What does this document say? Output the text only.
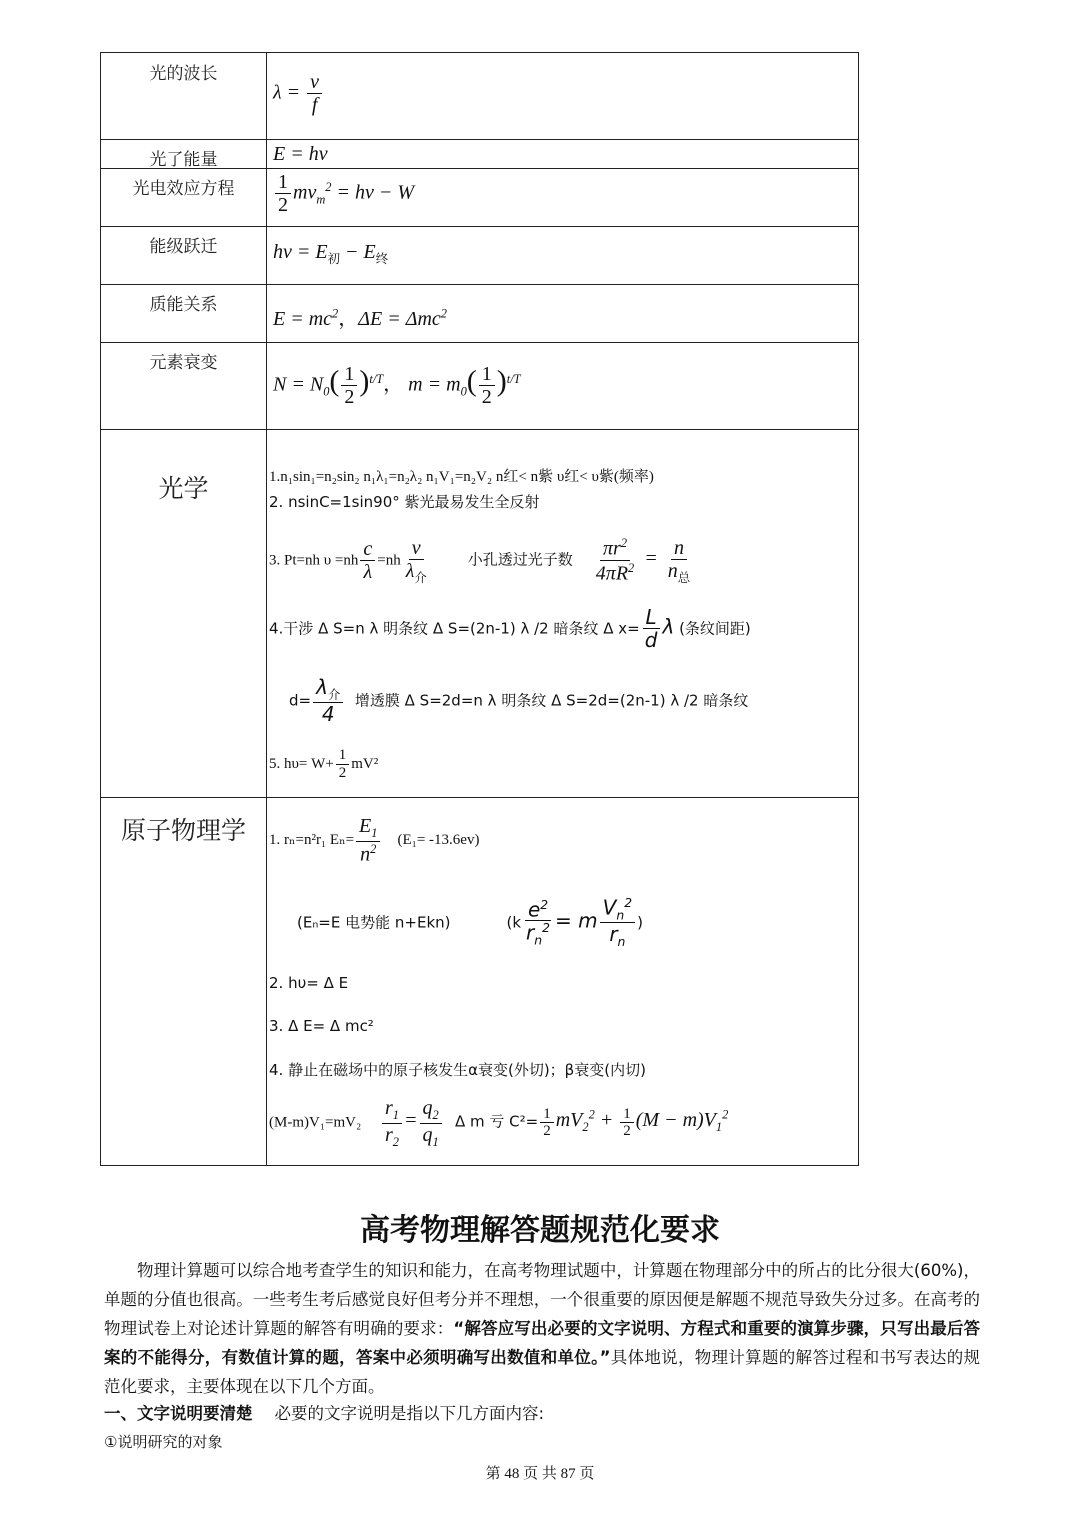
光的波长
光了能量
光电效应方程
能级跃迁
质能关系
元素衰变
光学
原子物理学
$\lambda = \frac{v}{f}$
E = hν
$\frac{1}{2} mv_m^2 = h\nu - W$
$h\nu = E_初 - E_终$
$E = mc^2$，ΔE = Δmc$^2$
$N = N_0( \frac{1}{2} )^{t/T}$， $m = m_0( \frac{1}{2} )^{t/T}$
1.n₁sin₁=n₂sin₂ n₁λ₁=n₂λ₂ n₁V₁=n₂V₂ n红< n紫 υ红< υ紫(频率)
2. nsinC=1sin90° 紫光最易发生全反射
3. Pt=nh $\upsilon =nh \frac{c}{\lambda} =nh \frac{v}{\lambda_介}$	小孔透过光子数 $\frac{\pi r^2}{4\pi R^2} = \frac{n}{n_总}$
4.干涉 Δ S=n λ 明条纹 Δ S=(2n-1) λ /2 暗条纹 Δ $x= \frac{L}{d}$ λ (条纹间距)
$d= \frac{\lambda_介}{4}$ 增透膜 Δ S=2d=n λ 明条纹 Δ S=2d=(2n-1) λ /2 暗条纹
5. $h\upsilon= W+ \frac{1}{2} mV^2$
1. rₙ=n²r₁ $E_n= \frac{E_1}{n^2} (E_1= -13.6ev)$
(Eₙ=E 电势能 n+Ekn)	($k \frac{e^2}{r_n^2} = m \frac{V_n^2}{r_n}$ )
2. hυ= Δ E
3. Δ E= Δ mc²
4. 静止在磁场中的原子核发生α衰变(外切)；β衰变(内切)
$(M-m)V_1=mV_2 \frac{r_1}{r_2} = \frac{q_2}{q_1}$ Δ m 亏 $C^2= \frac{1}{2} mV_2^2 + \frac{1}{2} (M - m)V_1^2$
高考物理解答题规范化要求
物理计算题可以综合地考查学生的知识和能力，在高考物理试题中，计算题在物理部分中的所占的比分很大(60%)，单题的分值也很高。一些考生考后感觉良好但考分并不理想，一个很重要的原因便是解题不规范导致失分过多。在高考的物理试卷上对论述计算题的解答有明确的要求：“解答应写出必要的文字说明、方程式和重要的演算步骤，只写出最后答案的不能得分，有数值计算的题，答案中必须明确写出数值和单位。”具体地说，物理计算题的解答过程和书写表达的规范化要求，主要体现在以下几个方面。
一、文字说明要清楚 必要的文字说明是指以下几方面内容:
①说明研究的对象
第 48 页 共 87 页
